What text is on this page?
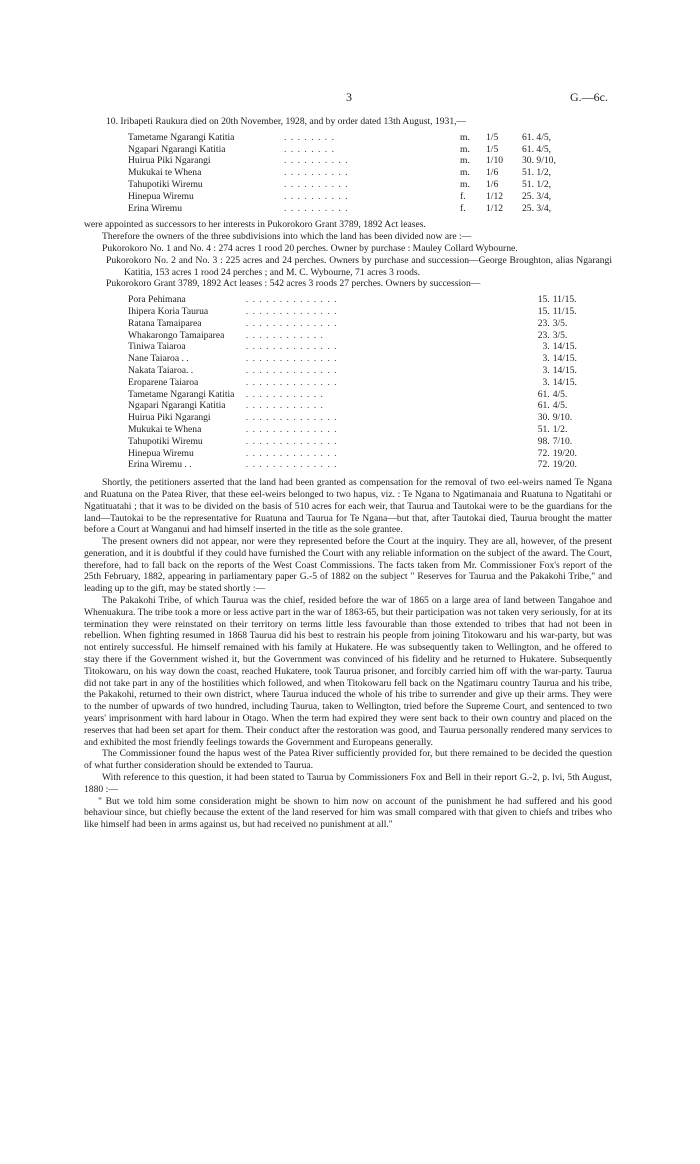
3	G.—6c.

10. Iribapeti Raukura died on 20th November, 1928, and by order dated 13th August, 1931,—

Tametame Ngarangi Katitia	. . . . . . . .	m.	1/5	61. 4/5,
Ngapari Ngarangi Katitia	. . . . . . . .	m.	1/5	61. 4/5,
Huirua Piki Ngarangi	. . . . . . . . . .	m.	1/10	30. 9/10,
Mukukai te Whena	. . . . . . . . . .	m.	1/6	51. 1/2,
Tahupotiki Wiremu	. . . . . . . . . .	m.	1/6	51. 1/2,
Hinepua Wiremu	. . . . . . . . . .	f.	1/12	25. 3/4,
Erina Wiremu	. . . . . . . . . .	f.	1/12	25. 3/4,

were appointed as successors to her interests in Pukorokoro Grant 3789, 1892 Act leases.

Therefore the owners of the three subdivisions into which the land has been divided now are :—

Pukorokoro No. 1 and No. 4 : 274 acres 1 rood 20 perches. Owner by purchase : Mauley Collard Wybourne.

Pukorokoro No. 2 and No. 3 : 225 acres and 24 perches. Owners by purchase and succession—George Broughton, alias Ngarangi Katitia, 153 acres 1 rood 24 perches ; and M. C. Wybourne, 71 acres 3 roods.

Pukorokoro Grant 3789, 1892 Act leases : 542 acres 3 roods 27 perches. Owners by succession—

Pora Pehimana	. . . . . . . . . . . . . .	15.	11/15.
Ihipera Koria Taurua	. . . . . . . . . . . . . .	15.	11/15.
Ratana Tamaiparea	. . . . . . . . . . . . . .	23.	3/5.
Whakarongo Tamaiparea	. . . . . . . . . . . .	23.	3/5.
Tiniwa Taiaroa	. . . . . . . . . . . . . .	3.	14/15.
Nane Taiaroa . .	. . . . . . . . . . . . . .	3.	14/15.
Nakata Taiaroa. .	. . . . . . . . . . . . . .	3.	14/15.
Eroparene Taiaroa	. . . . . . . . . . . . . .	3.	14/15.
Tametame Ngarangi Katitia	. . . . . . . . . . . .	61.	4/5.
Ngapari Ngarangi Katitia	. . . . . . . . . . . .	61.	4/5.
Huirua Piki Ngarangi	. . . . . . . . . . . . . .	30.	9/10.
Mukukai te Whena	. . . . . . . . . . . . . .	51.	1/2.
Tahupotiki Wiremu	. . . . . . . . . . . . . .	98.	7/10.
Hinepua Wiremu	. . . . . . . . . . . . . .	72.	19/20.
Erina Wiremu . .	. . . . . . . . . . . . . .	72.	19/20.

Shortly, the petitioners asserted that the land had been granted as compensation for the removal of two eel-weirs named Te Ngana and Ruatuna on the Patea River, that these eel-weirs belonged to two hapus, viz. : Te Ngana to Ngatimanaia and Ruatuna to Ngatitahi or Ngatituatahi ; that it was to be divided on the basis of 510 acres for each weir, that Taurua and Tautokai were to be the guardians for the land—Tautokai to be the representative for Ruatuna and Taurua for Te Ngana—but that, after Tautokai died, Taurua brought the matter before a Court at Wanganui and had himself inserted in the title as the sole grantee.

The present owners did not appear, nor were they represented before the Court at the inquiry. They are all, however, of the present generation, and it is doubtful if they could have furnished the Court with any reliable information on the subject of the award. The Court, therefore, had to fall back on the reports of the West Coast Commissions. The facts taken from Mr. Commissioner Fox's report of the 25th February, 1882, appearing in parliamentary paper G.-5 of 1882 on the subject " Reserves for Taurua and the Pakakohi Tribe," and leading up to the gift, may be stated shortly :—

The Pakakohi Tribe, of which Taurua was the chief, resided before the war of 1865 on a large area of land between Tangahoe and Whenuakura. The tribe took a more or less active part in the war of 1863-65, but their participation was not taken very seriously, for at its termination they were reinstated on their territory on terms little less favourable than those extended to tribes that had not been in rebellion. When fighting resumed in 1868 Taurua did his best to restrain his people from joining Titokowaru and his war-party, but was not entirely successful. He himself remained with his family at Hukatere. He was subsequently taken to Wellington, and he offered to stay there if the Government wished it, but the Government was convinced of his fidelity and he returned to Hukatere. Subsequently Titokowaru, on his way down the coast, reached Hukatere, took Taurua prisoner, and forcibly carried him off with the war-party. Taurua did not take part in any of the hostilities which followed, and when Titokowaru fell back on the Ngatimaru country Taurua and his tribe, the Pakakohi, returned to their own district, where Taurua induced the whole of his tribe to surrender and give up their arms. They were to the number of upwards of two hundred, including Taurua, taken to Wellington, tried before the Supreme Court, and sentenced to two years' imprisonment with hard labour in Otago. When the term had expired they were sent back to their own country and placed on the reserves that had been set apart for them. Their conduct after the restoration was good, and Taurua personally rendered many services to and exhibited the most friendly feelings towards the Government and Europeans generally.

The Commissioner found the hapus west of the Patea River sufficiently provided for, but there remained to be decided the question of what further consideration should be extended to Taurua.

With reference to this question, it had been stated to Taurua by Commissioners Fox and Bell in their report G.-2, p. lvi, 5th August, 1880 :—

" But we told him some consideration might be shown to him now on account of the punishment he had suffered and his good behaviour since, but chiefly because the extent of the land reserved for him was small compared with that given to chiefs and tribes who like himself had been in arms against us, but had received no punishment at all."
